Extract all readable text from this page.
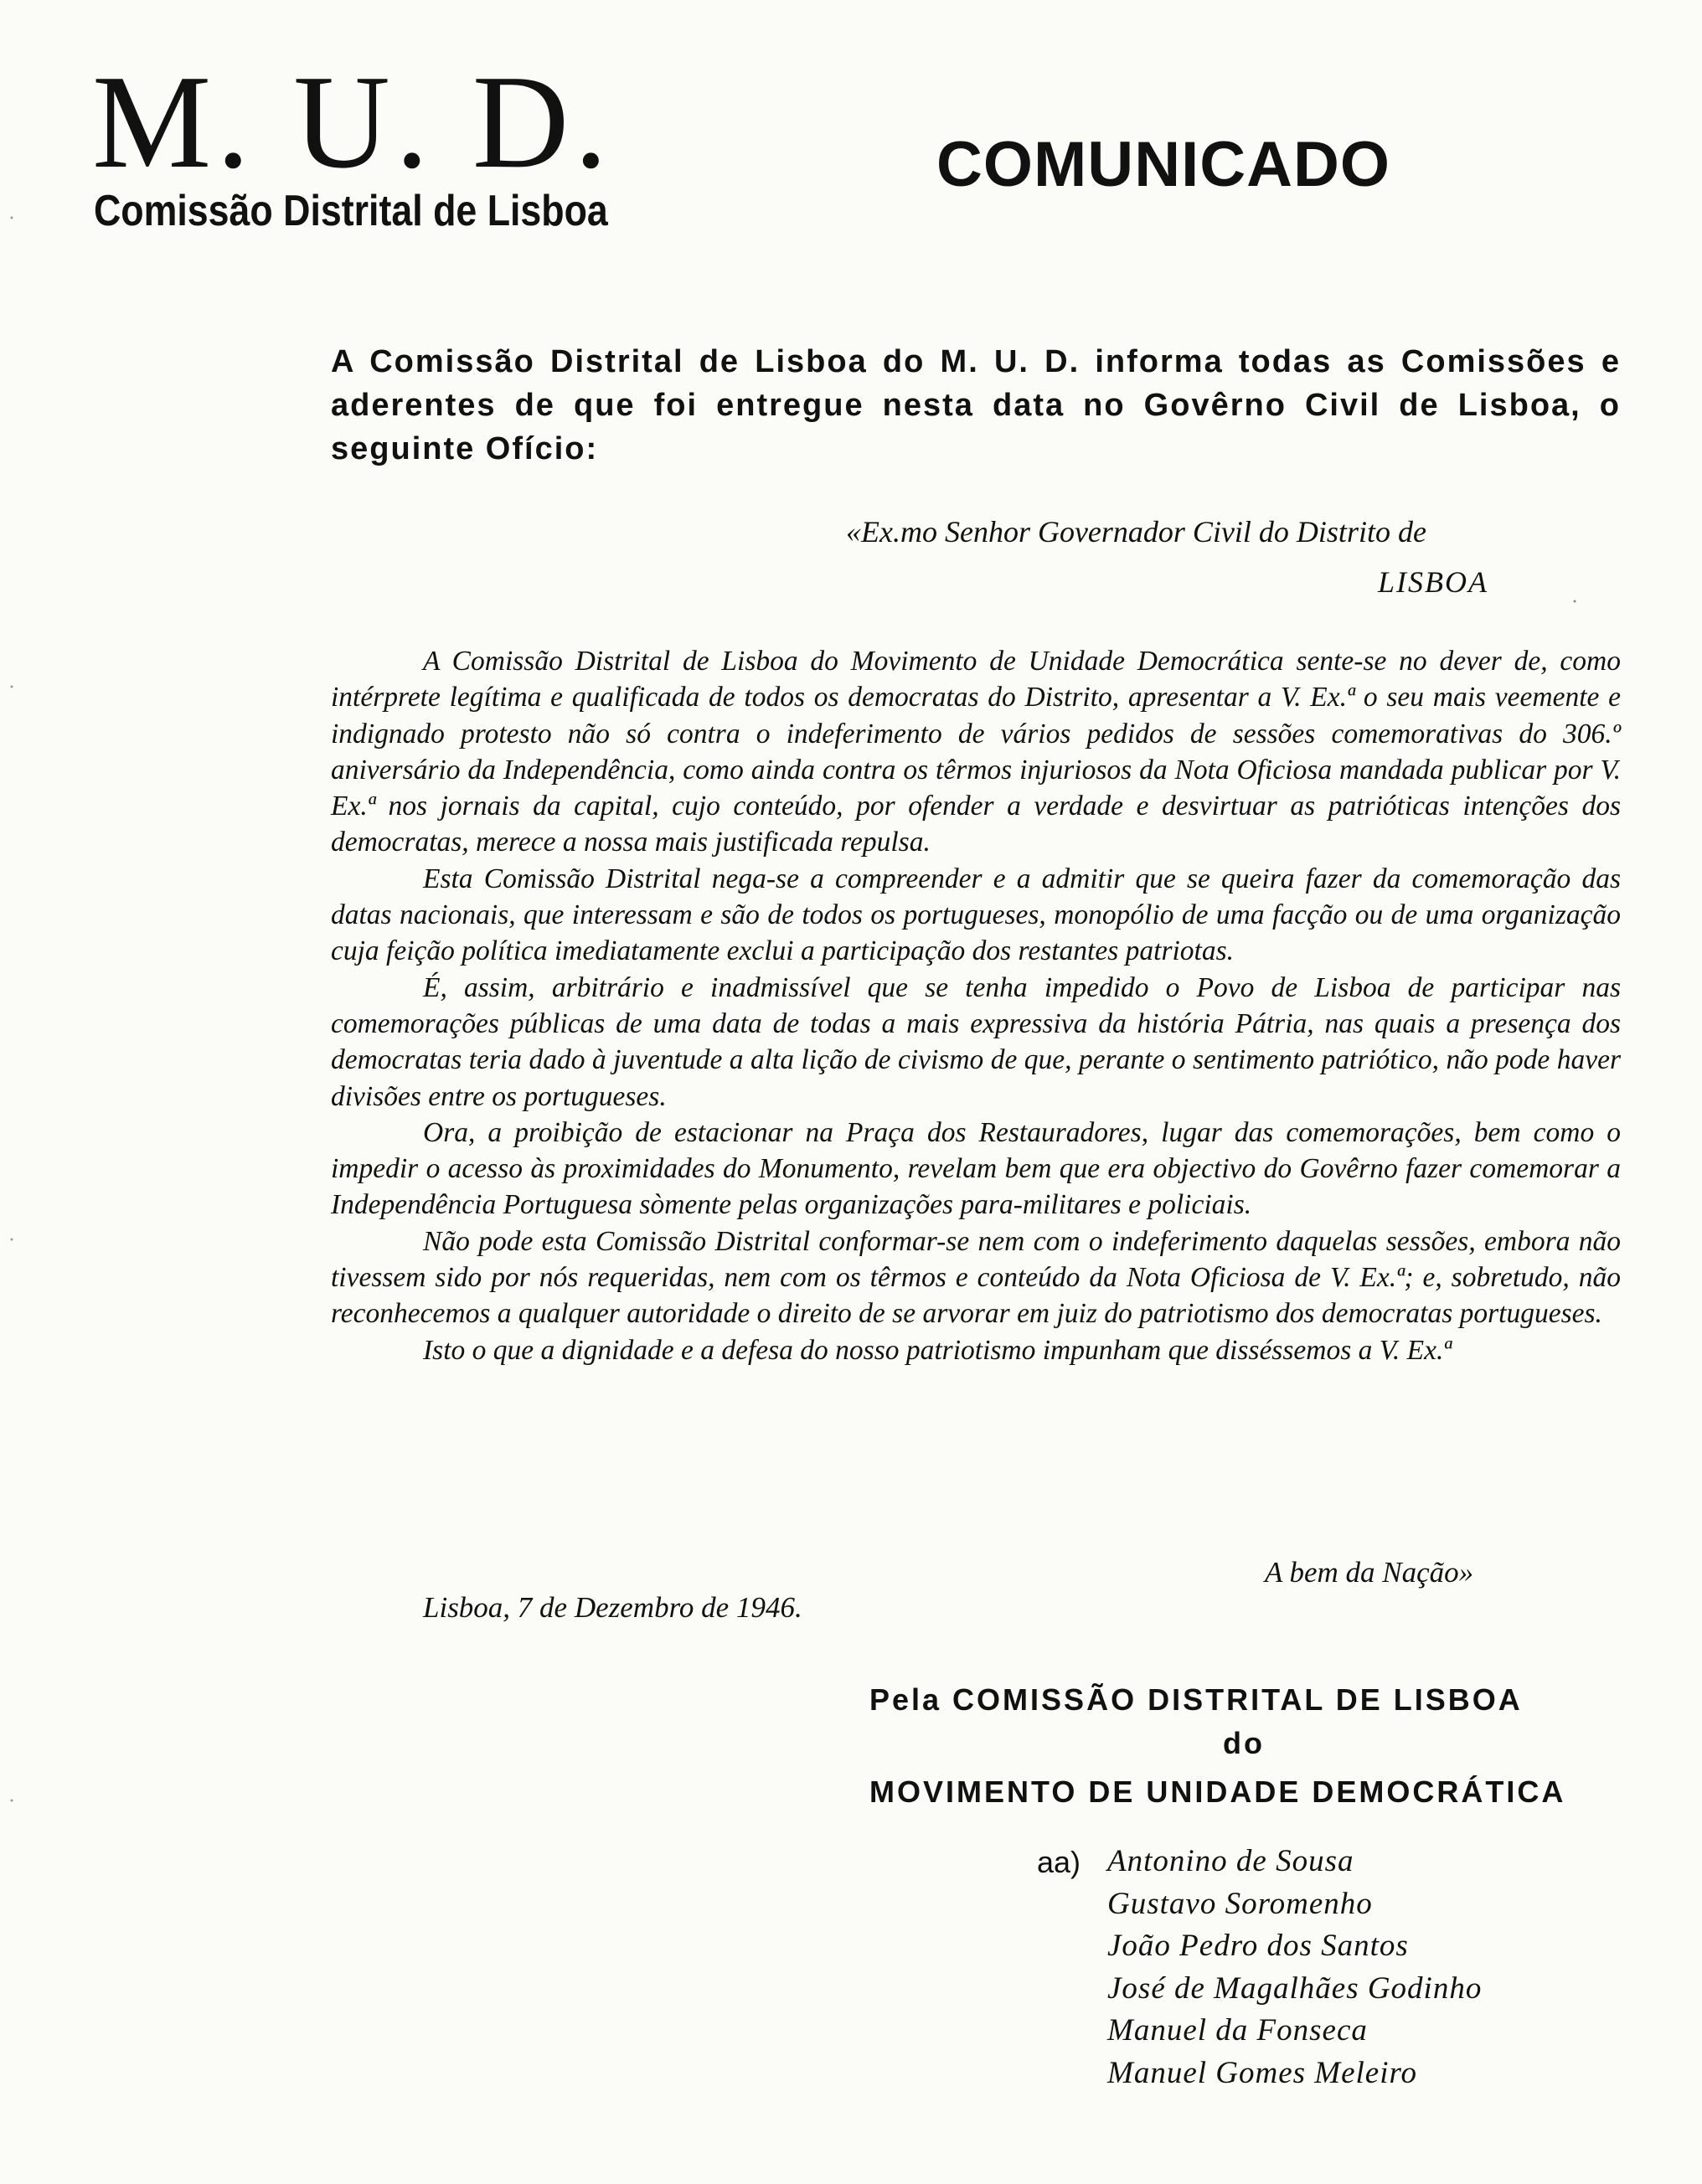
M. U. D.
Comissão Distrital de Lisboa
COMUNICADO
A Comissão Distrital de Lisboa do M. U. D. informa todas as Comissões e aderentes de que foi entregue nesta data no Govêrno Civil de Lisboa, o seguinte Ofício:
«Ex.mo Senhor Governador Civil do Distrito de
LISBOA

A Comissão Distrital de Lisboa do Movimento de Unidade Democrática sente-se no dever de, como intérprete legítima e qualificada de todos os democratas do Distrito, apresentar a V. Ex.ª o seu mais veemente e indignado protesto não só contra o indeferimento de vários pedidos de sessões comemorativas do 306.º aniversário da Independência, como ainda contra os têrmos injuriosos da Nota Oficiosa mandada publicar por V. Ex.ª nos jornais da capital, cujo conteúdo, por ofender a verdade e desvirtuar as patrióticas intenções dos democratas, merece a nossa mais justificada repulsa.

Esta Comissão Distrital nega-se a compreender e a admitir que se queira fazer da comemoração das datas nacionais, que interessam e são de todos os portugueses, monopólio de uma facção ou de uma organização cuja feição política imediatamente exclui a participação dos restantes patriotas.

É, assim, arbitrário e inadmissível que se tenha impedido o Povo de Lisboa de participar nas comemorações públicas de uma data de todas a mais expressiva da história Pátria, nas quais a presença dos democratas teria dado à juventude a alta lição de civismo de que, perante o sentimento patriótico, não pode haver divisões entre os portugueses.

Ora, a proibição de estacionar na Praça dos Restauradores, lugar das comemorações, bem como o impedir o acesso às proximidades do Monumento, revelam bem que era objectivo do Govêrno fazer comemorar a Independência Portuguesa sòmente pelas organizações para-militares e policiais.

Não pode esta Comissão Distrital conformar-se nem com o indeferimento daquelas sessões, embora não tivessem sido por nós requeridas, nem com os têrmos e conteúdo da Nota Oficiosa de V. Ex.ª; e, sobretudo, não reconhecemos a qualquer autoridade o direito de se arvorar em juiz do patriotismo dos democratas portugueses.

Isto o que a dignidade e a defesa do nosso patriotismo impunham que disséssemos a V. Ex.ª

A bem da Nação»
Lisboa, 7 de Dezembro de 1946.
Pela COMISSÃO DISTRITAL DE LISBOA
do
MOVIMENTO DE UNIDADE DEMOCRÁTICA
aa) Antonino de Sousa
Gustavo Soromenho
João Pedro dos Santos
José de Magalhães Godinho
Manuel da Fonseca
Manuel Gomes Meleiro
